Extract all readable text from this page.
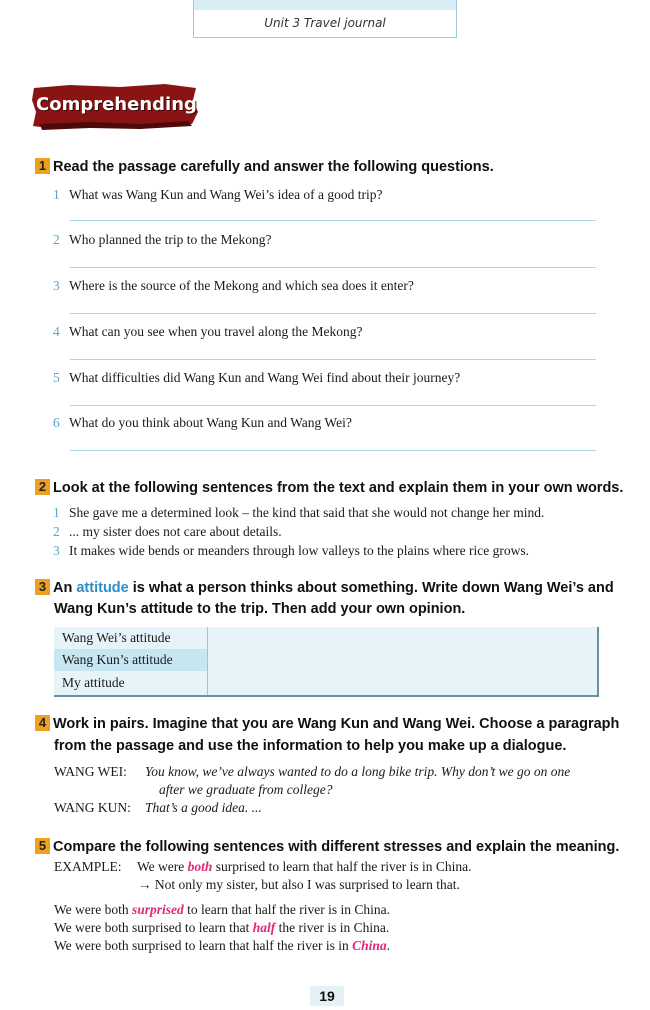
Unit 3 Travel journal
Comprehending
1 Read the passage carefully and answer the following questions.
1 What was Wang Kun and Wang Wei’s idea of a good trip?
2 Who planned the trip to the Mekong?
3 Where is the source of the Mekong and which sea does it enter?
4 What can you see when you travel along the Mekong?
5 What difficulties did Wang Kun and Wang Wei find about their journey?
6 What do you think about Wang Kun and Wang Wei?
2 Look at the following sentences from the text and explain them in your own words.
1 She gave me a determined look – the kind that said that she would not change her mind.
2 ... my sister does not care about details.
3 It makes wide bends or meanders through low valleys to the plains where rice grows.
3 An attitude is what a person thinks about something. Write down Wang Wei’s and
Wang Kun’s attitude to the trip. Then add your own opinion.
Wang Wei’s attitude
Wang Kun’s attitude
My attitude
4 Work in pairs. Imagine that you are Wang Kun and Wang Wei. Choose a paragraph
from the passage and use the information to help you make up a dialogue.
WANG WEI: You know, we’ve always wanted to do a long bike trip. Why don’t we go on one
after we graduate from college?
WANG KUN: That’s a good idea. ...
5 Compare the following sentences with different stresses and explain the meaning.
EXAMPLE: We were both surprised to learn that half the river is in China.
→ Not only my sister, but also I was surprised to learn that.
We were both surprised to learn that half the river is in China.
We were both surprised to learn that half the river is in China.
We were both surprised to learn that half the river is in China.
19
